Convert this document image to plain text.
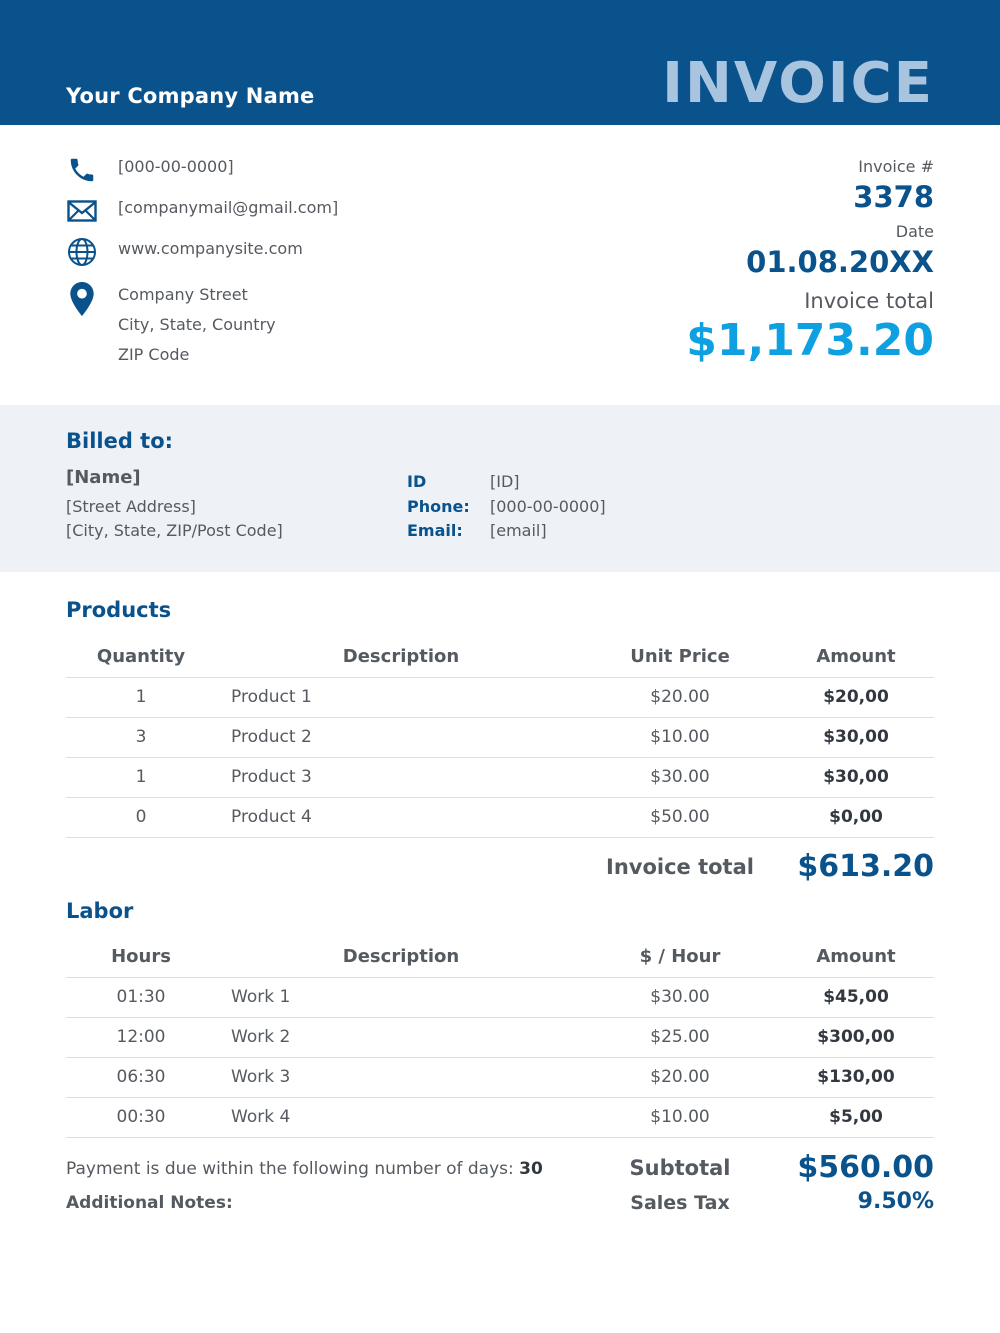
Your Company Name	INVOICE
[000-00-0000]
[companymail@gmail.com]
www.companysite.com
Company Street
City, State, Country
ZIP Code
Invoice #
3378
Date
01.08.20XX
Invoice total
$1,173.20
Billed to:
[Name]
[Street Address]
[City, State, ZIP/Post Code]
ID	[ID]
Phone: [000-00-0000]
Email: [email]
Products
Quantity	Description	Unit Price	Amount
1	Product 1	$20.00	$20,00
3	Product 2	$10.00	$30,00
1	Product 3	$30.00	$30,00
0	Product 4	$50.00	$0,00
Invoice total	$613.20
Labor
Hours	Description	$ / Hour	Amount
01:30	Work 1	$30.00	$45,00
12:00	Work 2	$25.00	$300,00
06:30	Work 3	$20.00	$130,00
00:30	Work 4	$10.00	$5,00
Payment is due within the following number of days: 30
Additional Notes:
Subtotal	$560.00
Sales Tax	9.50%
